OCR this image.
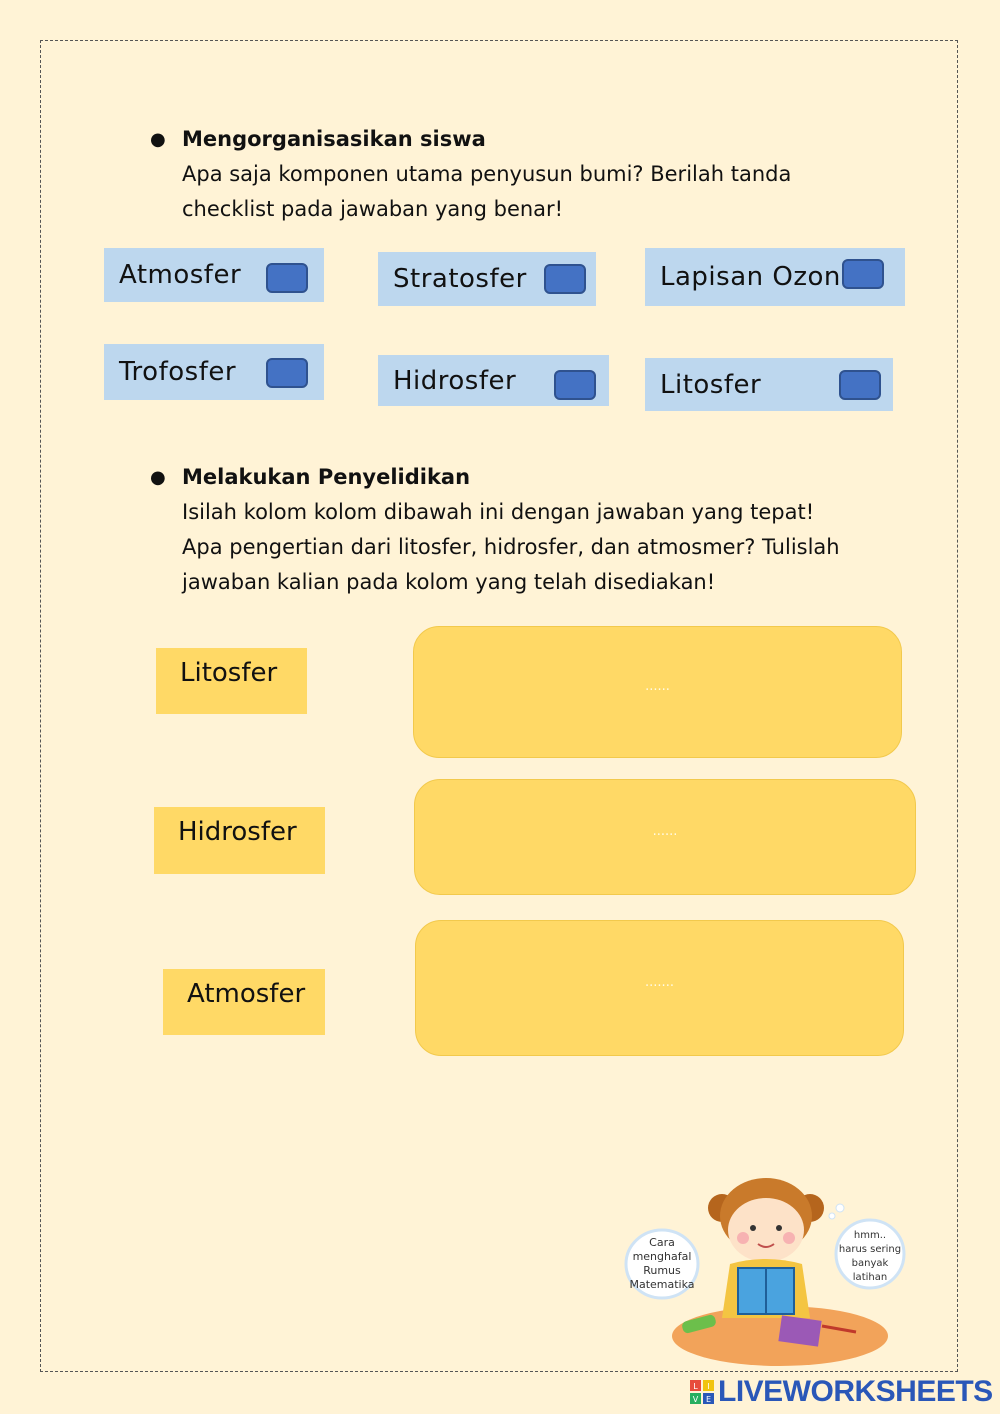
● Mengorganisasikan siswa
Apa saja komponen utama penyusun bumi? Berilah tanda
checklist pada jawaban yang benar!
Atmosfer	Stratosfer	Lapisan Ozon
Trofosfer	Hidrosfer	Litosfer
● Melakukan Penyelidikan
Isilah kolom kolom dibawah ini dengan jawaban yang tepat!
Apa pengertian dari litosfer, hidrosfer, dan atmosmer? Tulislah
jawaban kalian pada kolom yang telah disediakan!
Litosfer	......
Hidrosfer	......
Atmosfer	.......
Cara
menghafal
Rumus
Matematika
hmm..
harus sering
banyak
latihan
L I
V E LIVEWORKSHEETS
